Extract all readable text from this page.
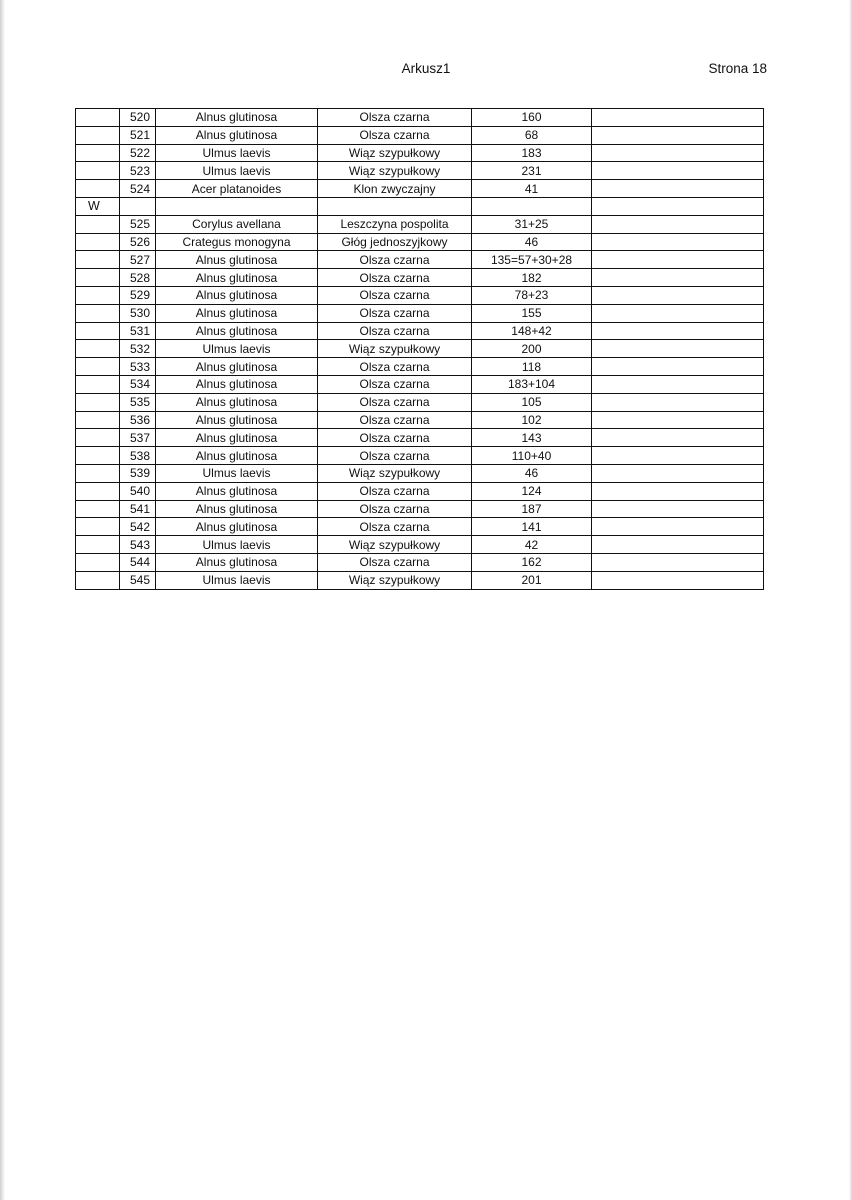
Arkusz1	Strona 18
	520	Alnus glutinosa	Olsza czarna	160	
	521	Alnus glutinosa	Olsza czarna	68	
	522	Ulmus laevis	Wiąz szypułkowy	183	
	523	Ulmus laevis	Wiąz szypułkowy	231	
	524	Acer platanoides	Klon zwyczajny	41	
W					
	525	Corylus avellana	Leszczyna pospolita	31+25	
	526	Crategus monogyna	Głóg jednoszyjkowy	46	
	527	Alnus glutinosa	Olsza czarna	135=57+30+28	
	528	Alnus glutinosa	Olsza czarna	182	
	529	Alnus glutinosa	Olsza czarna	78+23	
	530	Alnus glutinosa	Olsza czarna	155	
	531	Alnus glutinosa	Olsza czarna	148+42	
	532	Ulmus laevis	Wiąz szypułkowy	200	
	533	Alnus glutinosa	Olsza czarna	118	
	534	Alnus glutinosa	Olsza czarna	183+104	
	535	Alnus glutinosa	Olsza czarna	105	
	536	Alnus glutinosa	Olsza czarna	102	
	537	Alnus glutinosa	Olsza czarna	143	
	538	Alnus glutinosa	Olsza czarna	110+40	
	539	Ulmus laevis	Wiąz szypułkowy	46	
	540	Alnus glutinosa	Olsza czarna	124	
	541	Alnus glutinosa	Olsza czarna	187	
	542	Alnus glutinosa	Olsza czarna	141	
	543	Ulmus laevis	Wiąz szypułkowy	42	
	544	Alnus glutinosa	Olsza czarna	162	
	545	Ulmus laevis	Wiąz szypułkowy	201	
